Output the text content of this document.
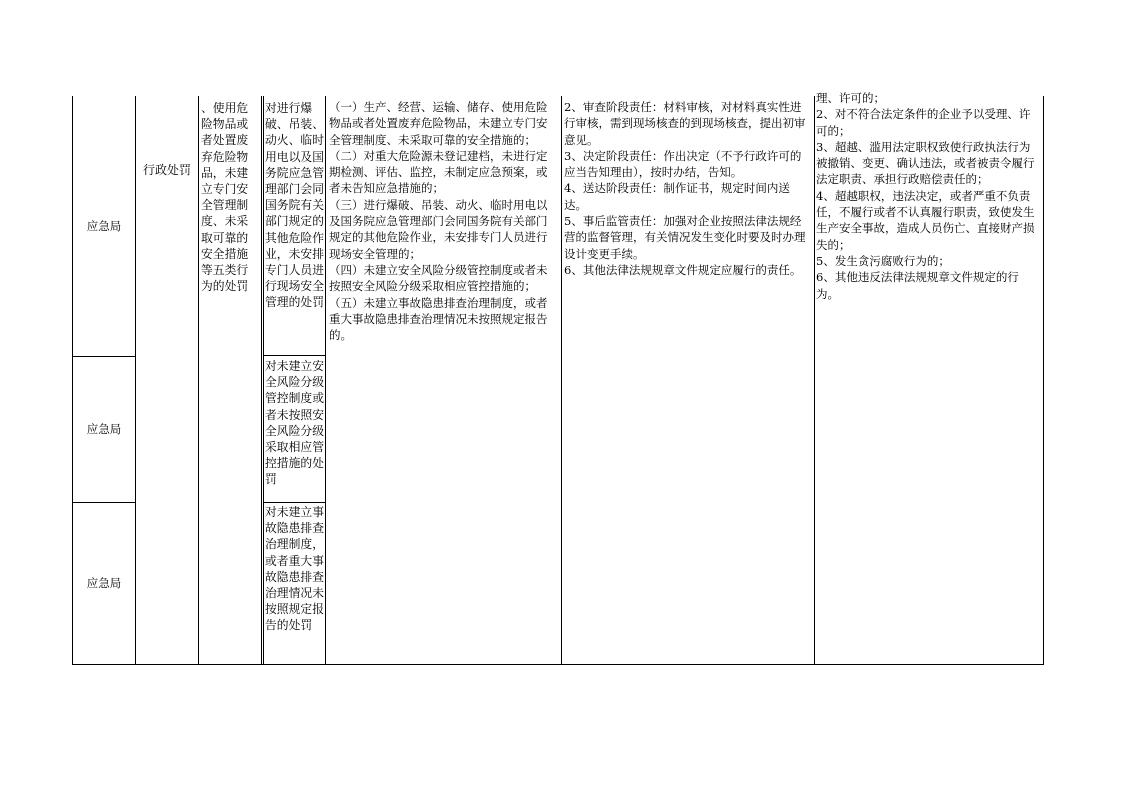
应急局
应急局
应急局
行政处罚
、使用危险物品或者处置废弃危险物品，未建立专门安全管理制度、未采取可靠的安全措施等五类行为的处罚
对进行爆破、吊装、动火、临时用电以及国务院应急管理部门会同国务院有关部门规定的其他危险作业，未安排专门人员进行现场安全管理的处罚
对未建立安全风险分级管控制度或者未按照安全风险分级采取相应管控措施的处罚
对未建立事故隐患排查治理制度，或者重大事故隐患排查治理情况未按照规定报告的处罚
（一）生产、经营、运输、储存、使用危险物品或者处置废弃危险物品，未建立专门安全管理制度、未采取可靠的安全措施的；
（二）对重大危险源未登记建档，未进行定期检测、评估、监控，未制定应急预案，或者未告知应急措施的；
（三）进行爆破、吊装、动火、临时用电以及国务院应急管理部门会同国务院有关部门规定的其他危险作业，未安排专门人员进行现场安全管理的；
（四）未建立安全风险分级管控制度或者未按照安全风险分级采取相应管控措施的；
（五）未建立事故隐患排查治理制度，或者重大事故隐患排查治理情况未按照规定报告的。
2、审查阶段责任：材料审核，对材料真实性进行审核，需到现场核查的到现场核查，提出初审意见。
3、决定阶段责任：作出决定（不予行政许可的应当告知理由），按时办结，告知。
4、送达阶段责任：制作证书，规定时间内送达。
5、事后监管责任：加强对企业按照法律法规经营的监督管理，有关情况发生变化时要及时办理设计变更手续。
6、其他法律法规规章文件规定应履行的责任。
理、许可的；
2、对不符合法定条件的企业予以受理、许可的；
3、超越、滥用法定职权致使行政执法行为被撤销、变更、确认违法，或者被责令履行法定职责、承担行政赔偿责任的；
4、超越职权，违法决定，或者严重不负责任，不履行或者不认真履行职责，致使发生生产安全事故，造成人员伤亡、直接财产损失的；
5、发生贪污腐败行为的；
6、其他违反法律法规规章文件规定的行为。
